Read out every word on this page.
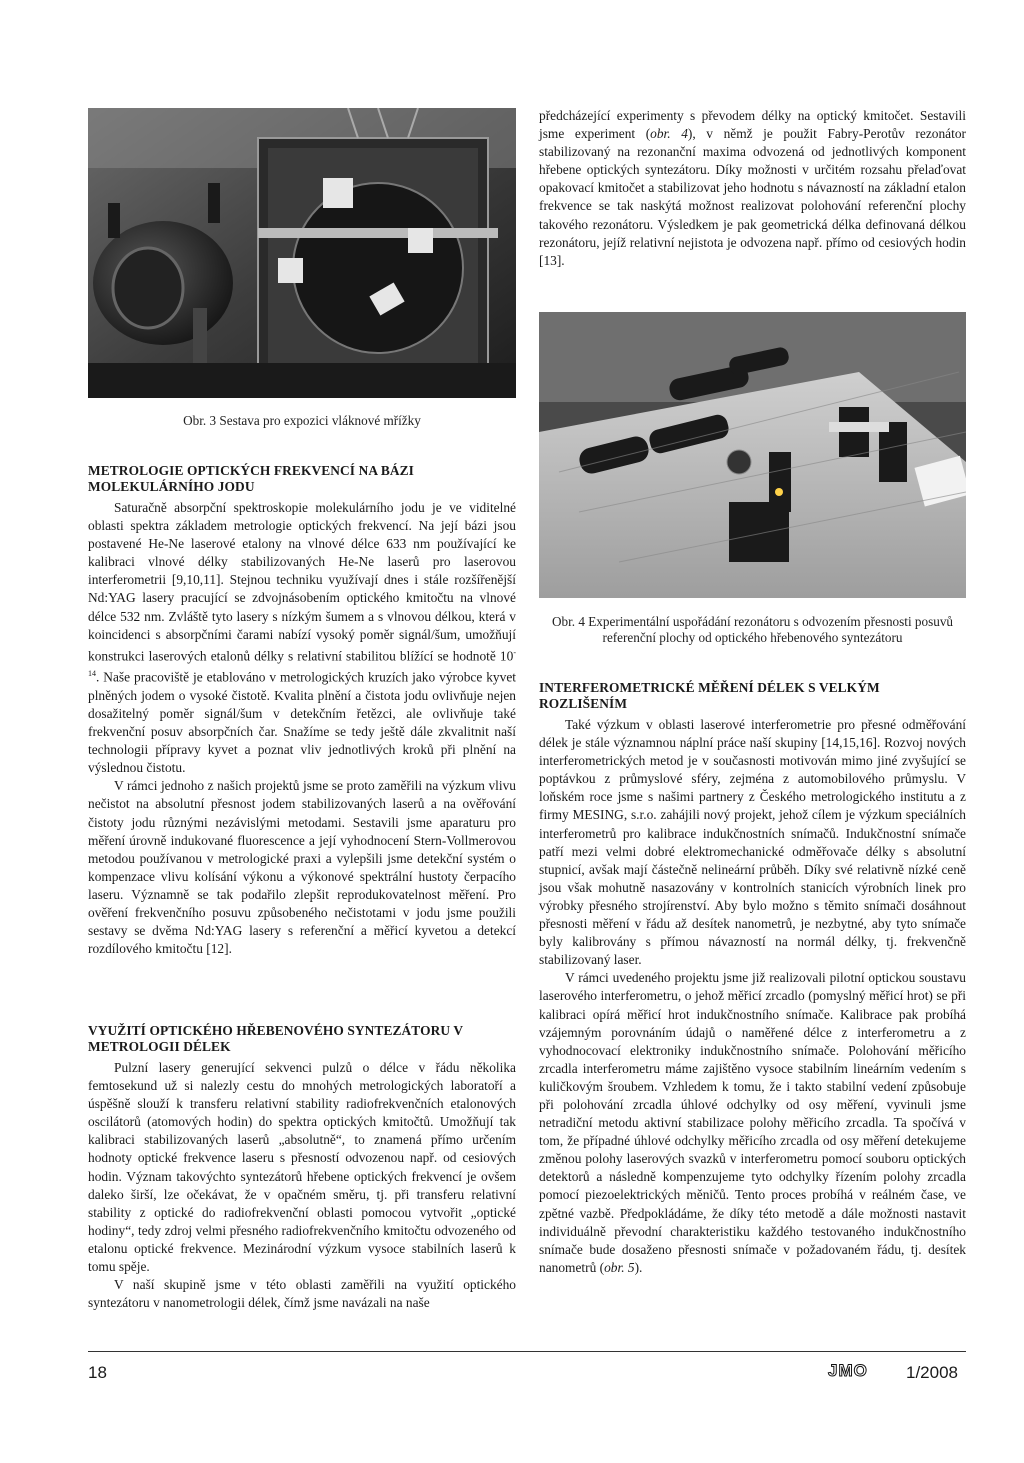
Obr. 3 Sestava pro expozici vláknové mřížky
METROLOGIE OPTICKÝCH FREKVENCÍ NA BÁZI MOLEKULÁRNÍHO JODU

Saturačně absorpční spektroskopie molekulárního jodu je ve viditelné oblasti spektra základem metrologie optických frekvencí. Na její bázi jsou postavené He-Ne laserové etalony na vlnové délce 633 nm používající ke kalibraci vlnové délky stabilizovaných He-Ne laserů pro laserovou interferometrii [9,10,11]. Stejnou techniku využívají dnes i stále rozšířenější Nd:YAG lasery pracující se zdvojnásobením optického kmitočtu na vlnové délce 532 nm. Zvláště tyto lasery s nízkým šumem a s vlnovou délkou, která v koincidenci s absorpčními čarami nabízí vysoký poměr signál/šum, umožňují konstrukci laserových etalonů délky s relativní stabilitou blížící se hodnotě $10^{-14}$. Naše pracoviště je etablováno v metrologických kruzích jako výrobce kyvet plněných jodem o vysoké čistotě. Kvalita plnění a čistota jodu ovlivňuje nejen dosažitelný poměr signál/šum v detekčním řetězci, ale ovlivňuje také frekvenční posuv absorpčních čar. Snažíme se tedy ještě dále zkvalitnit naší technologii přípravy kyvet a poznat vliv jednotlivých kroků při plnění na výslednou čistotu.

V rámci jednoho z našich projektů jsme se proto zaměřili na výzkum vlivu nečistot na absolutní přesnost jodem stabilizovaných laserů a na ověřování čistoty jodu různými nezávislými metodami. Sestavili jsme aparaturu pro měření úrovně indukované fluorescence a její vyhodnocení Stern-Vollmerovou metodou používanou v metrologické praxi a vylepšili jsme detekční systém o kompenzace vlivu kolísání výkonu a výkonové spektrální hustoty čerpacího laseru. Významně se tak podařilo zlepšit reprodukovatelnost měření. Pro ověření frekvenčního posuvu způsobeného nečistotami v jodu jsme použili sestavy se dvěma Nd:YAG lasery s referenční a měřicí kyvetou a detekcí rozdílového kmitočtu [12].

VYUŽITÍ OPTICKÉHO HŘEBENOVÉHO SYNTEZÁTORU V METROLOGII DÉLEK

Pulzní lasery generující sekvenci pulzů o délce v řádu několika femtosekund už si nalezly cestu do mnohých metrologických laboratoří a úspěšně slouží k transferu relativní stability radiofrekvenčních etalonových oscilátorů (atomových hodin) do spektra optických kmitočtů. Umožňují tak kalibraci stabilizovaných laserů „absolutně“, to znamená přímo určením hodnoty optické frekvence laseru s přesností odvozenou např. od cesiových hodin. Význam takovýchto syntezátorů hřebene optických frekvencí je ovšem daleko širší, lze očekávat, že v opačném směru, tj. při transferu relativní stability z optické do radiofrekvenční oblasti pomocou vytvořit „optické hodiny“, tedy zdroj velmi přesného radiofrekvenčního kmitočtu odvozeného od etalonu optické frekvence. Mezinárodní výzkum vysoce stabilních laserů k tomu spěje.

V naší skupině jsme v této oblasti zaměřili na využití optického syntezátoru v nanometrologii délek, čímž jsme navázali na naše

předcházející experimenty s převodem délky na optický kmitočet. Sestavili jsme experiment (obr. 4), v němž je použit Fabry-Perotův rezonátor stabilizovaný na rezonanční maxima odvozená od jednotlivých komponent hřebene optických syntezátoru. Díky možnosti v určitém rozsahu přelaďovat opakovací kmitočet a stabilizovat jeho hodnotu s návazností na základní etalon frekvence se tak naskýtá možnost realizovat polohování referenční plochy takového rezonátoru. Výsledkem je pak geometrická délka definovaná délkou rezonátoru, jejíž relativní nejistota je odvozena např. přímo od cesiových hodin [13].

Obr. 4 Experimentální uspořádání rezonátoru s odvozením přesnosti posuvů referenční plochy od optického hřebenového syntezátoru
INTERFEROMETRICKÉ MĚŘENÍ DÉLEK S VELKÝM ROZLIŠENÍM

Také výzkum v oblasti laserové interferometrie pro přesné odměřování délek je stále významnou náplní práce naší skupiny [14,15,16]. Rozvoj nových interferometrických metod je v současnosti motivován mimo jiné zvyšující se poptávkou z průmyslové sféry, zejména z automobilového průmyslu. V loňském roce jsme s našimi partnery z Českého metrologického institutu a z firmy MESING, s.r.o. zahájili nový projekt, jehož cílem je výzkum speciálních interferometrů pro kalibrace indukčnostních snímačů. Indukčnostní snímače patří mezi velmi dobré elektromechanické odměřovače délky s absolutní stupnicí, avšak mají částečně nelineární průběh. Díky své relativně nízké ceně jsou však mohutně nasazovány v kontrolních stanicích výrobních linek pro výrobky přesného strojírenství. Aby bylo možno s těmito snímači dosáhnout přesnosti měření v řádu až desítek nanometrů, je nezbytné, aby tyto snímače byly kalibrovány s přímou návazností na normál délky, tj. frekvenčně stabilizovaný laser.

V rámci uvedeného projektu jsme již realizovali pilotní optickou soustavu laserového interferometru, o jehož měřicí zrcadlo (pomyslný měřicí hrot) se při kalibraci opírá měřicí hrot indukčnostního snímače. Kalibrace pak probíhá vzájemným porovnáním údajů o naměřené délce z interferometru a z vyhodnocovací elektroniky indukčnostního snímače. Polohování měřicího zrcadla interferometru máme zajištěno vysoce stabilním lineárním vedením s kuličkovým šroubem. Vzhledem k tomu, že i takto stabilní vedení způsobuje při polohování zrcadla úhlové odchylky od osy měření, vyvinuli jsme netradiční metodu aktivní stabilizace polohy měřicího zrcadla. Ta spočívá v tom, že případné úhlové odchylky měřicího zrcadla od osy měření detekujeme změnou polohy laserových svazků v interferometru pomocí souboru optických detektorů a následně kompenzujeme tyto odchylky řízením polohy zrcadla pomocí piezoelektrických měničů. Tento proces probíhá v reálném čase, ve zpětné vazbě. Předpokládáme, že díky této metodě a dále možnosti nastavit individuálně převodní charakteristiku každého testovaného indukčnostního snímače bude dosaženo přesnosti snímače v požadovaném řádu, tj. desítek nanometrů (obr. 5).

18	JMO 1/2008
